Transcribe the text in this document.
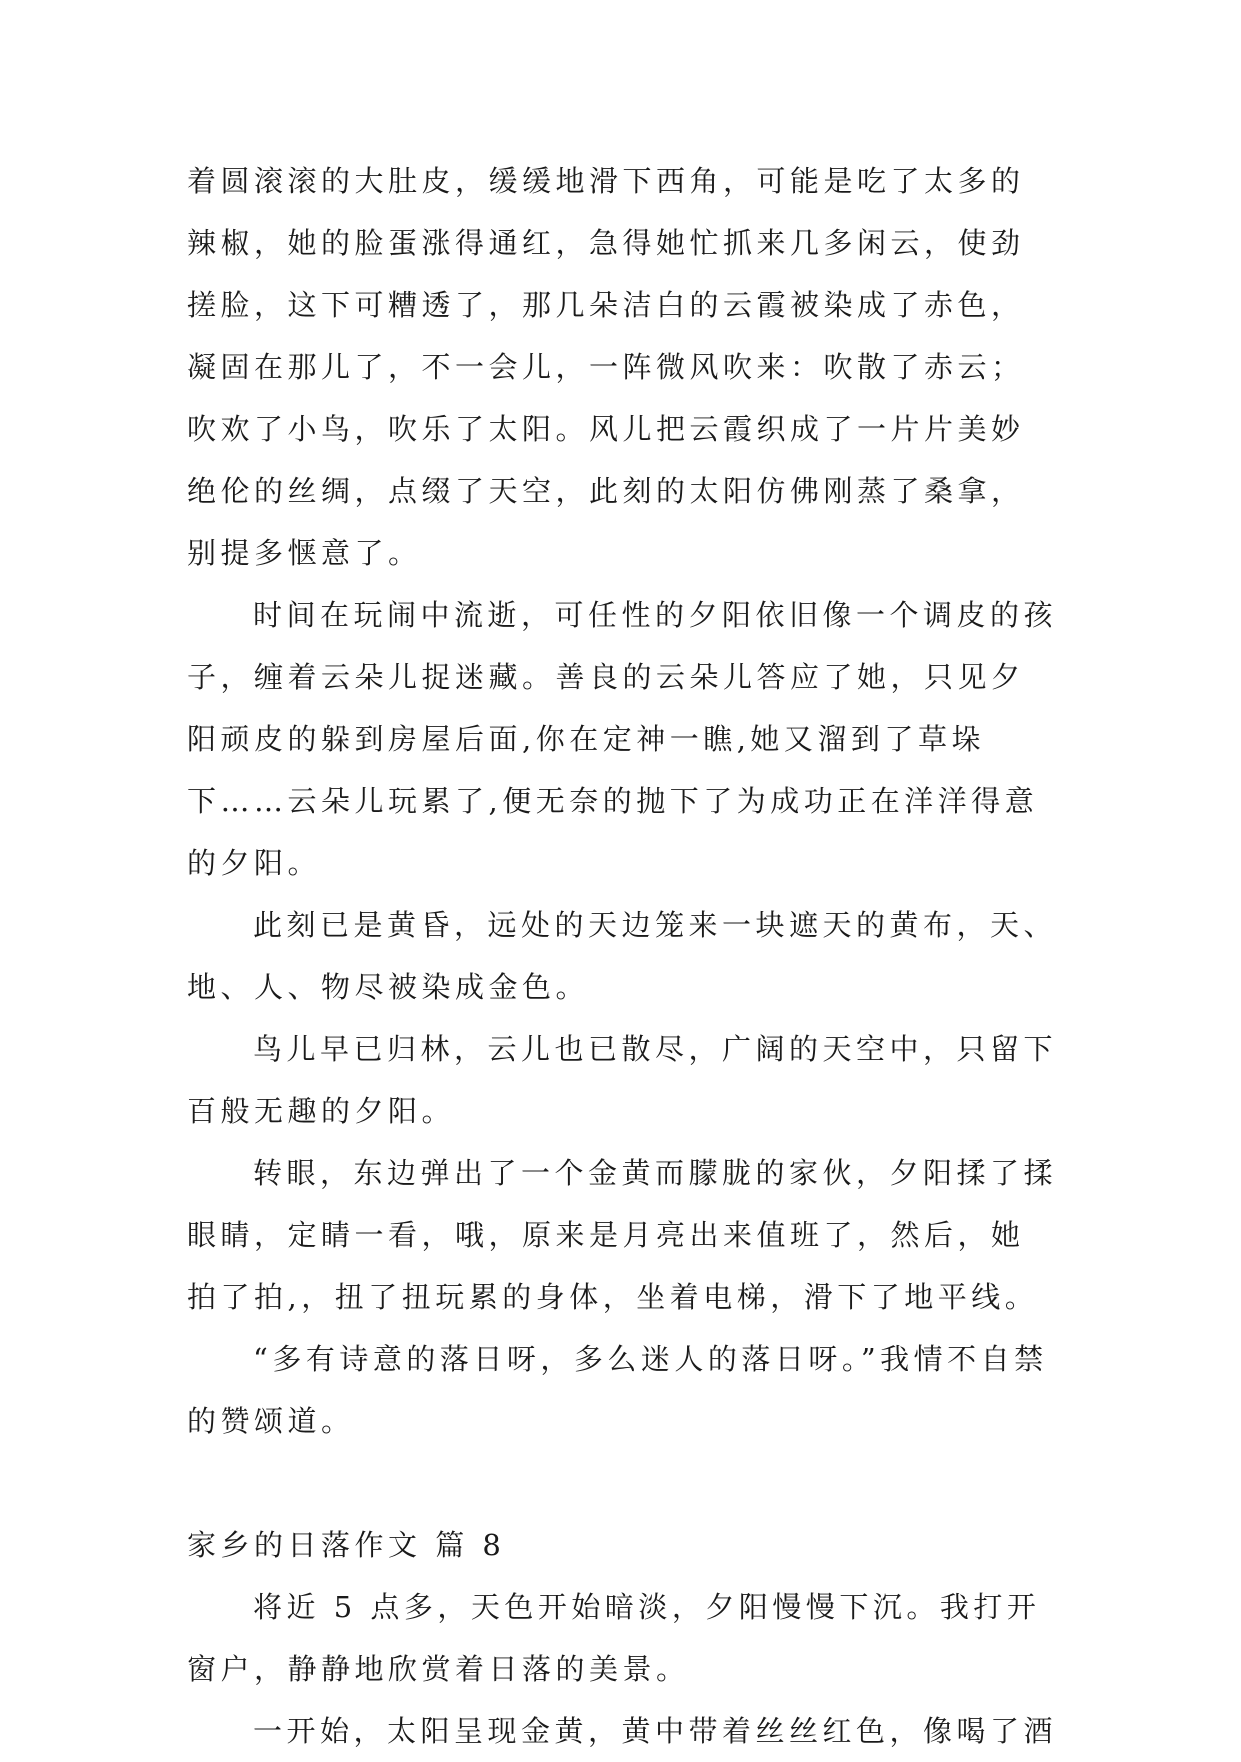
着圆滚滚的大肚皮，缓缓地滑下西角，可能是吃了太多的辣椒，她的脸蛋涨得通红，急得她忙抓来几多闲云，使劲搓脸，这下可糟透了，那几朵洁白的云霞被染成了赤色，凝固在那儿了，不一会儿，一阵微风吹来：吹散了赤云；吹欢了小鸟，吹乐了太阳。风儿把云霞织成了一片片美妙绝伦的丝绸，点缀了天空，此刻的太阳仿佛刚蒸了桑拿，别提多惬意了。

时间在玩闹中流逝，可任性的夕阳依旧像一个调皮的孩子，缠着云朵儿捉迷藏。善良的云朵儿答应了她，只见夕阳顽皮的躲到房屋后面,你在定神一瞧,她又溜到了草垛下……云朵儿玩累了,便无奈的抛下了为成功正在洋洋得意的夕阳。

此刻已是黄昏，远处的天边笼来一块遮天的黄布，天、地、人、物尽被染成金色。

鸟儿早已归林，云儿也已散尽，广阔的天空中，只留下百般无趣的夕阳。

转眼，东边弹出了一个金黄而朦胧的家伙，夕阳揉了揉眼睛，定睛一看，哦，原来是月亮出来值班了，然后，她拍了拍,，扭了扭玩累的身体，坐着电梯，滑下了地平线。

“多有诗意的落日呀，多么迷人的落日呀。”我情不自禁的赞颂道。

家乡的日落作文 篇 8

将近 5 点多，天色开始暗淡，夕阳慢慢下沉。我打开窗户，静静地欣赏着日落的美景。

一开始，太阳呈现金黄，黄中带着丝丝红色，像喝了酒
